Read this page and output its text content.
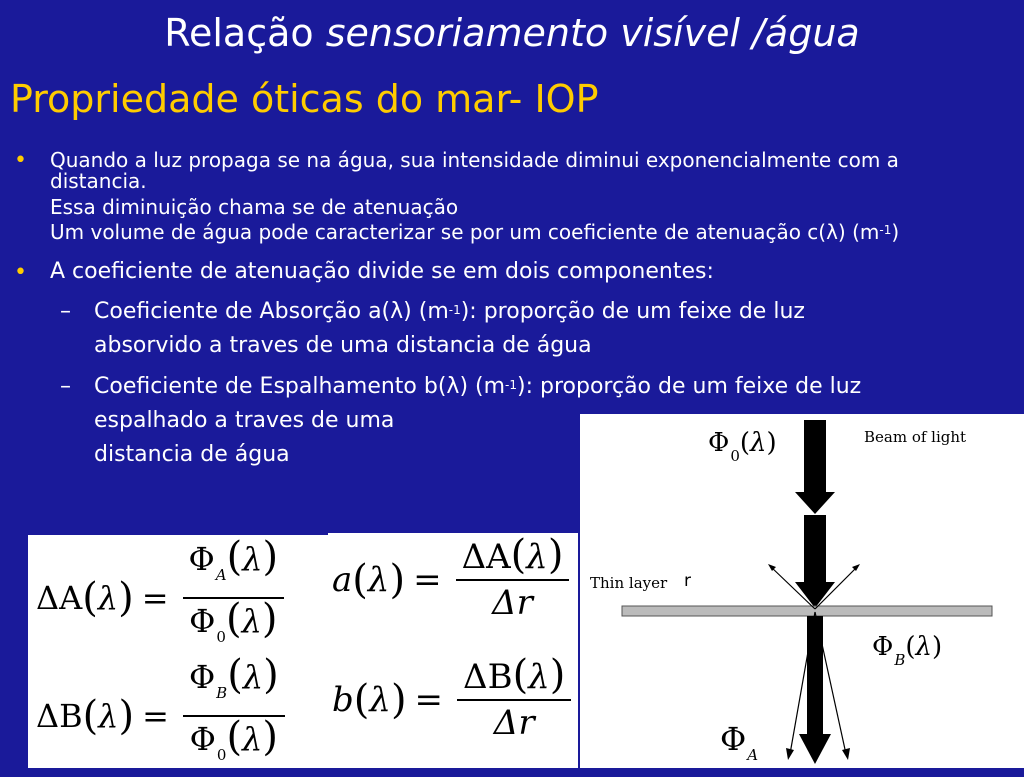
Relação sensoriamento visível /água
Propriedade óticas do mar- IOP
• Quando a luz propaga se na água, sua intensidade diminui exponencialmente com a
distancia.
Essa diminuição chama se de atenuação
Um volume de água pode caracterizar se por um coeficiente de atenuação c(λ) $(m^{-1})$
• A coeficiente de atenuação divide se em dois componentes:
– Coeficiente de Absorção a(λ) $(m^{-1})$: proporção de um feixe de luz
absorvido a traves de uma distancia de água
– Coeficiente de Espalhamento b(λ) $(m^{-1})$: proporção de um feixe de luz
espalhado a traves de uma
distancia de água
ΔA ( λ ) = $\frac{\Phi_A(\lambda)}{\Phi_0(\lambda)}$
ΔB ( λ ) = $\frac{\Phi_B(\lambda)}{\Phi_0(\lambda)}$
a ( λ ) = $\frac{\Delta A(\lambda)}{\Delta r}$
b ( λ ) = $\frac{\Delta B(\lambda)}{\Delta r}$
Beam of light
$\Phi_0(\lambda)$
Thin layer r
$\Phi_B(\lambda)$
$\Phi_A$
